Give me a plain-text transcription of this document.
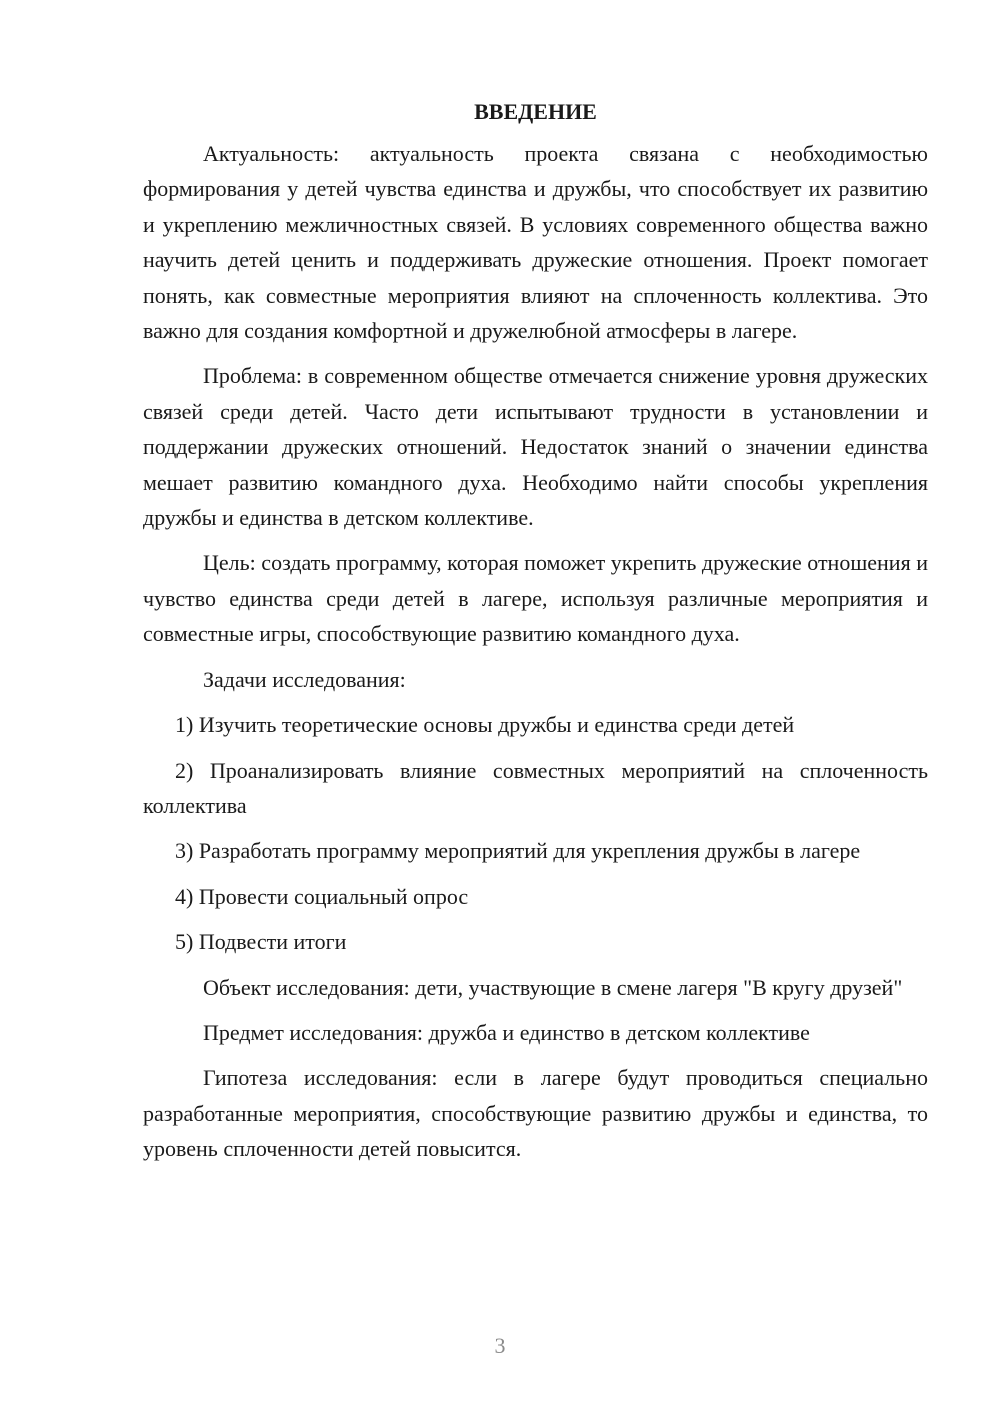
ВВЕДЕНИЕ

Актуальность: актуальность проекта связана с необходимостью формирования у детей чувства единства и дружбы, что способствует их развитию и укреплению межличностных связей. В условиях современного общества важно научить детей ценить и поддерживать дружеские отношения. Проект помогает понять, как совместные мероприятия влияют на сплоченность коллектива. Это важно для создания комфортной и дружелюбной атмосферы в лагере.

Проблема: в современном обществе отмечается снижение уровня дружеских связей среди детей. Часто дети испытывают трудности в установлении и поддержании дружеских отношений. Недостаток знаний о значении единства мешает развитию командного духа. Необходимо найти способы укрепления дружбы и единства в детском коллективе.

Цель: создать программу, которая поможет укрепить дружеские отношения и чувство единства среди детей в лагере, используя различные мероприятия и совместные игры, способствующие развитию командного духа.

Задачи исследования:

1) Изучить теоретические основы дружбы и единства среди детей

2) Проанализировать влияние совместных мероприятий на сплоченность коллектива

3) Разработать программу мероприятий для укрепления дружбы в лагере

4) Провести социальный опрос

5) Подвести итоги

Объект исследования: дети, участвующие в смене лагеря "В кругу друзей"

Предмет исследования: дружба и единство в детском коллективе

Гипотеза исследования: если в лагере будут проводиться специально разработанные мероприятия, способствующие развитию дружбы и единства, то уровень сплоченности детей повысится.

3
